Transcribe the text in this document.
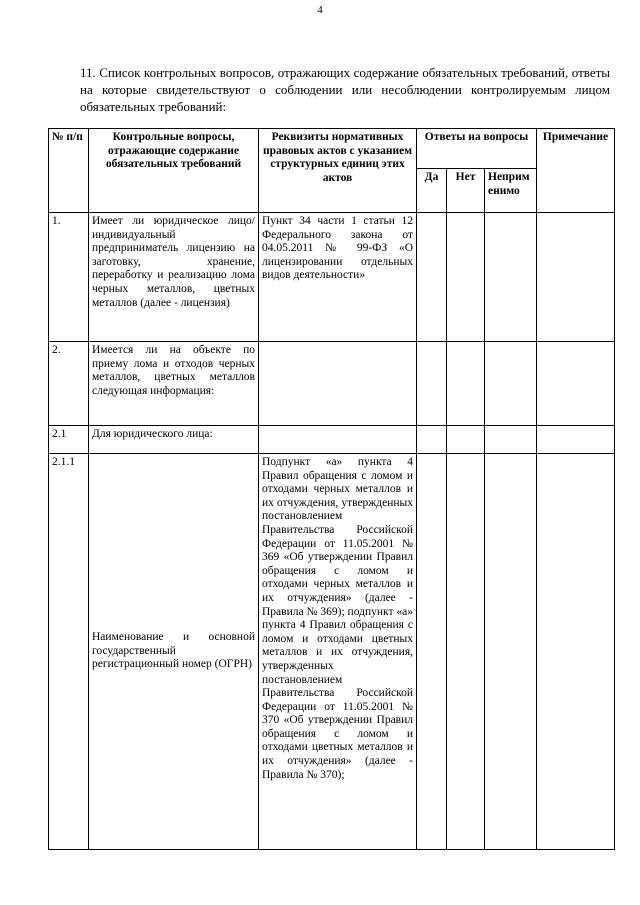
4
11. Список контрольных вопросов, отражающих содержание обязательных требований, ответы на которые свидетельствуют о соблюдении или несоблюдении контролируемым лицом обязательных требований:
№ п/п	Контрольные вопросы, отражающие содержание обязательных требований	Реквизиты нормативных правовых актов с указанием структурных единиц этих актов	Ответы на вопросы			Примечание
			Да	Нет	Неприм енимо	
1.	Имеет ли юридическое лицо/индивидуальный предприниматель лицензию на заготовку, хранение, переработку и реализацию лома черных металлов, цветных металлов (далее - лицензия)	Пункт 34 части 1 статьи 12 Федерального закона от 04.05.2011 № 99-ФЗ «О лицензировании отдельных видов деятельности»				
2.	Имеется ли на объекте по приему лома и отходов черных металлов, цветных металлов следующая информация:					
2.1	Для юридического лица:					
2.1.1	Наименование и основной государственный регистрационный номер (ОГРН)	Подпункт «а» пункта 4 Правил обращения с ломом и отходами черных металлов и их отчуждения, утвержденных постановлением Правительства Российской Федерации от 11.05.2001 № 369 «Об утверждении Правил обращения с ломом и отходами черных металлов и их отчуждения» (далее - Правила № 369); подпункт «а» пункта 4 Правил обращения с ломом и отходами цветных металлов и их отчуждения, утвержденных постановлением Правительства Российской Федерации от 11.05.2001 № 370 «Об утверждении Правил обращения с ломом и отходами цветных металлов и их отчуждения» (далее - Правила № 370);				
